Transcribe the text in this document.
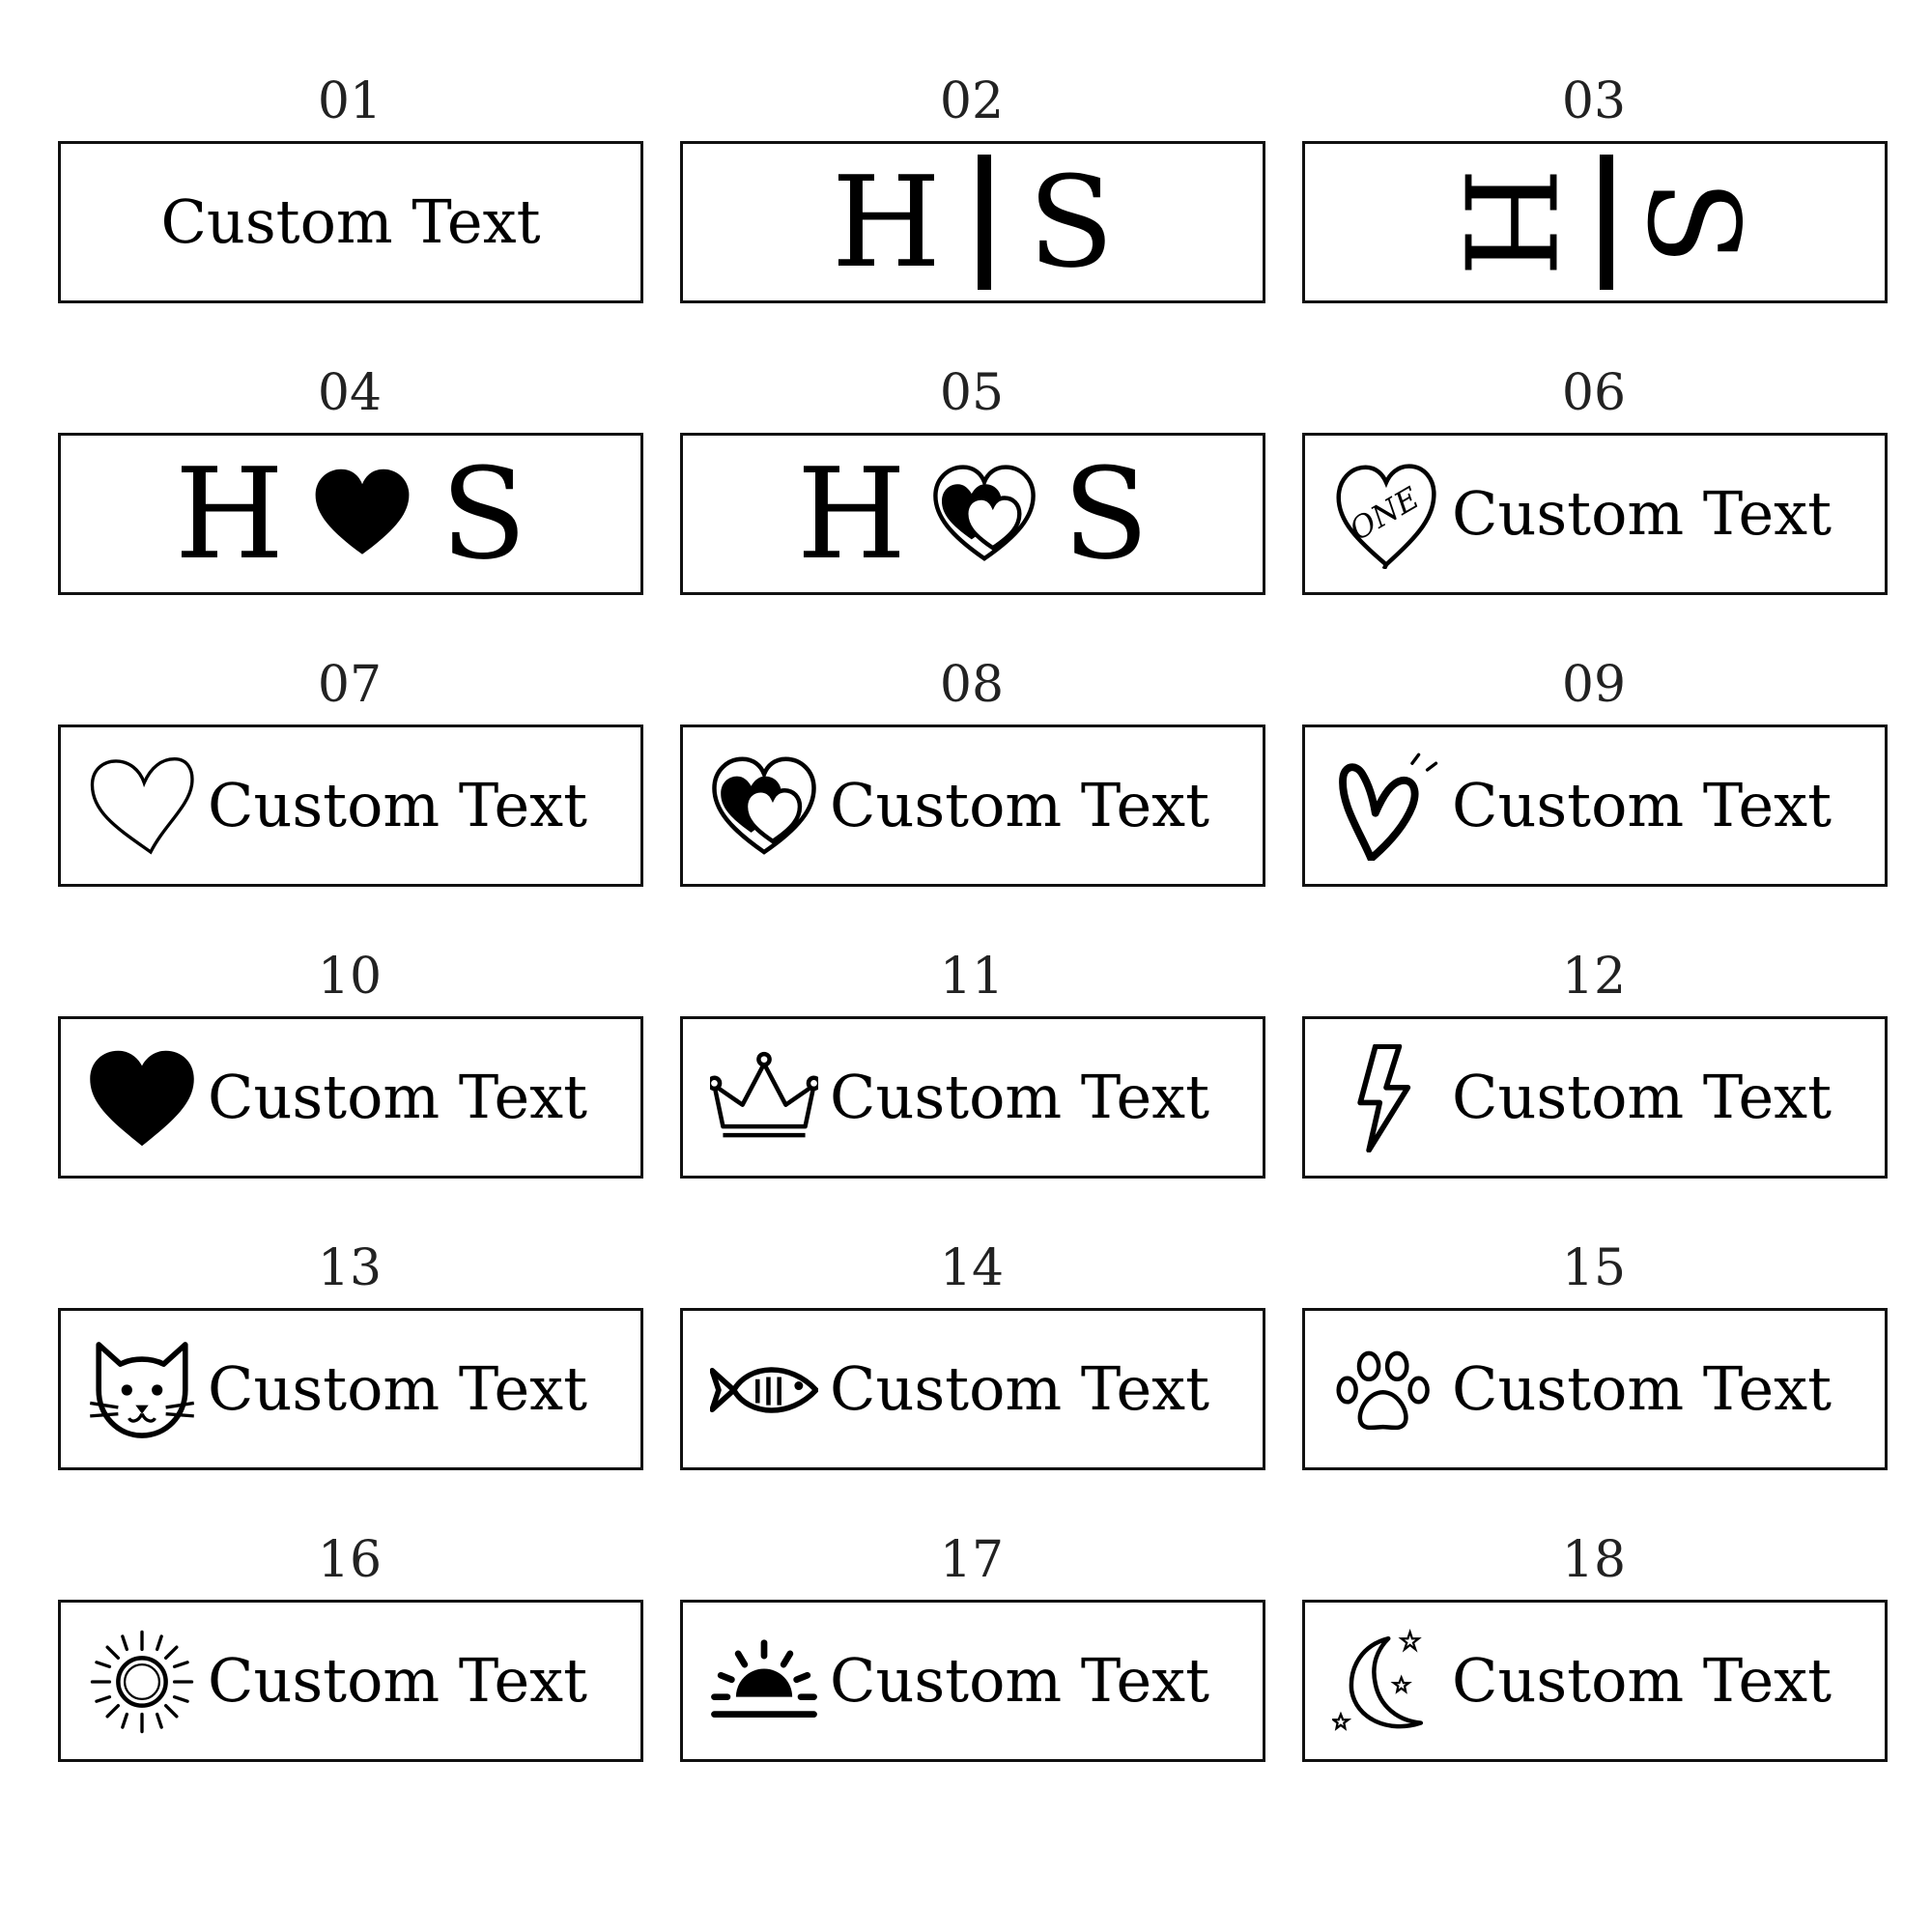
01
Custom Text
02
H S
03
H S
04
H S
05
H S
06
ONE Custom Text
07
Custom Text
08
Custom Text
09
Custom Text
10
Custom Text
11
Custom Text
12
Custom Text
13
Custom Text
14
Custom Text
15
Custom Text
16
Custom Text
17
Custom Text
18
Custom Text
